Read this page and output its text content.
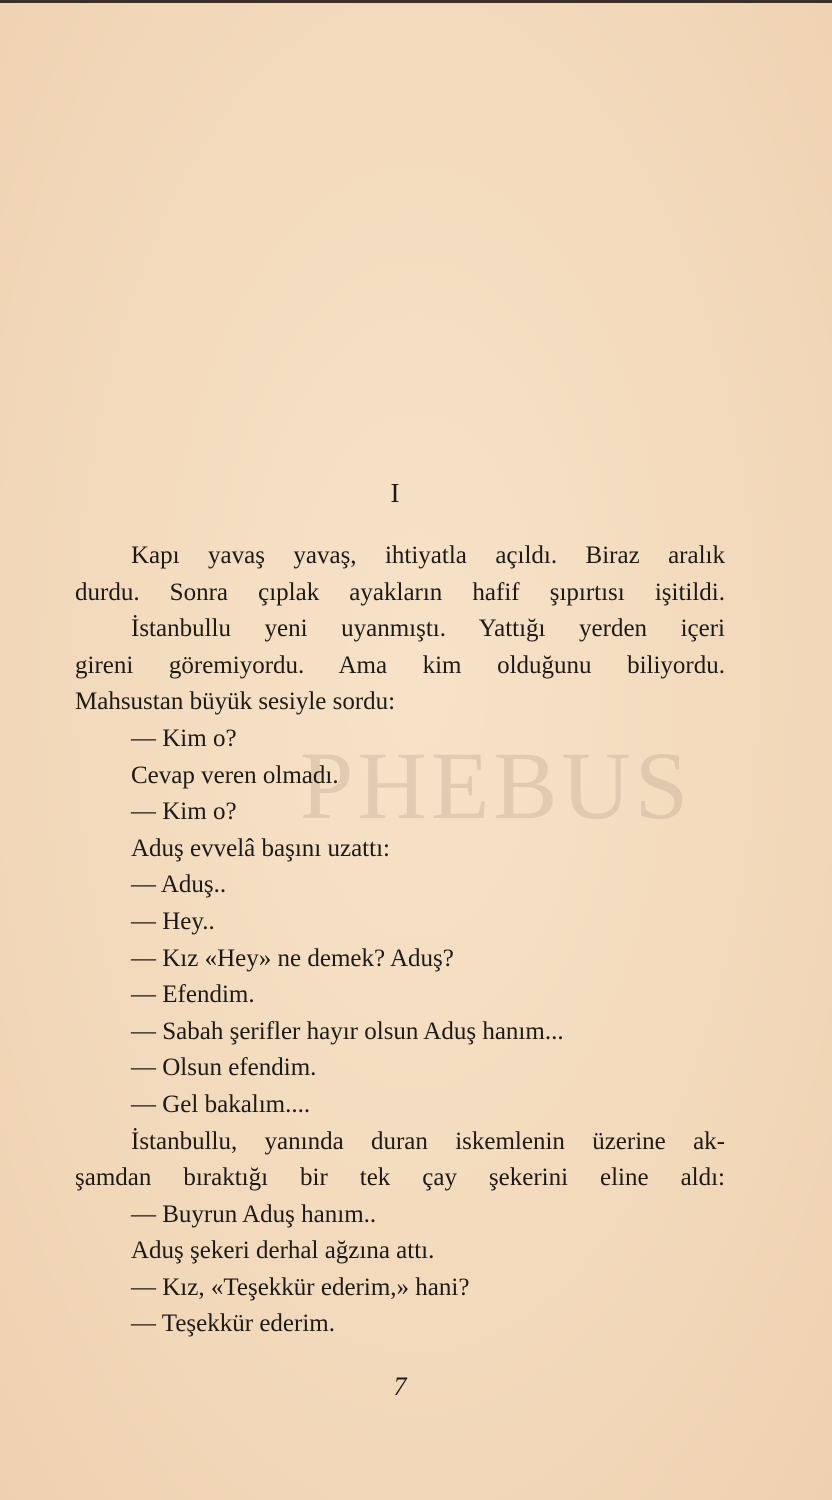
I
PHEBUS
Kapı yavaş yavaş, ihtiyatla açıldı. Biraz aralık
durdu. Sonra çıplak ayakların hafif şıpırtısı işitildi.
İstanbullu yeni uyanmıştı. Yattığı yerden içeri
gireni göremiyordu. Ama kim olduğunu biliyordu.
Mahsustan büyük sesiyle sordu:
— Kim o?
Cevap veren olmadı.
— Kim o?
Aduş evvelâ başını uzattı:
— Aduş..
— Hey..
— Kız «Hey» ne demek? Aduş?
— Efendim.
— Sabah şerifler hayır olsun Aduş hanım...
— Olsun efendim.
— Gel bakalım....
İstanbullu, yanında duran iskemlenin üzerine ak-
şamdan bıraktığı bir tek çay şekerini eline aldı:
— Buyrun Aduş hanım..
Aduş şekeri derhal ağzına attı.
— Kız, «Teşekkür ederim,» hani?
— Teşekkür ederim.
7
